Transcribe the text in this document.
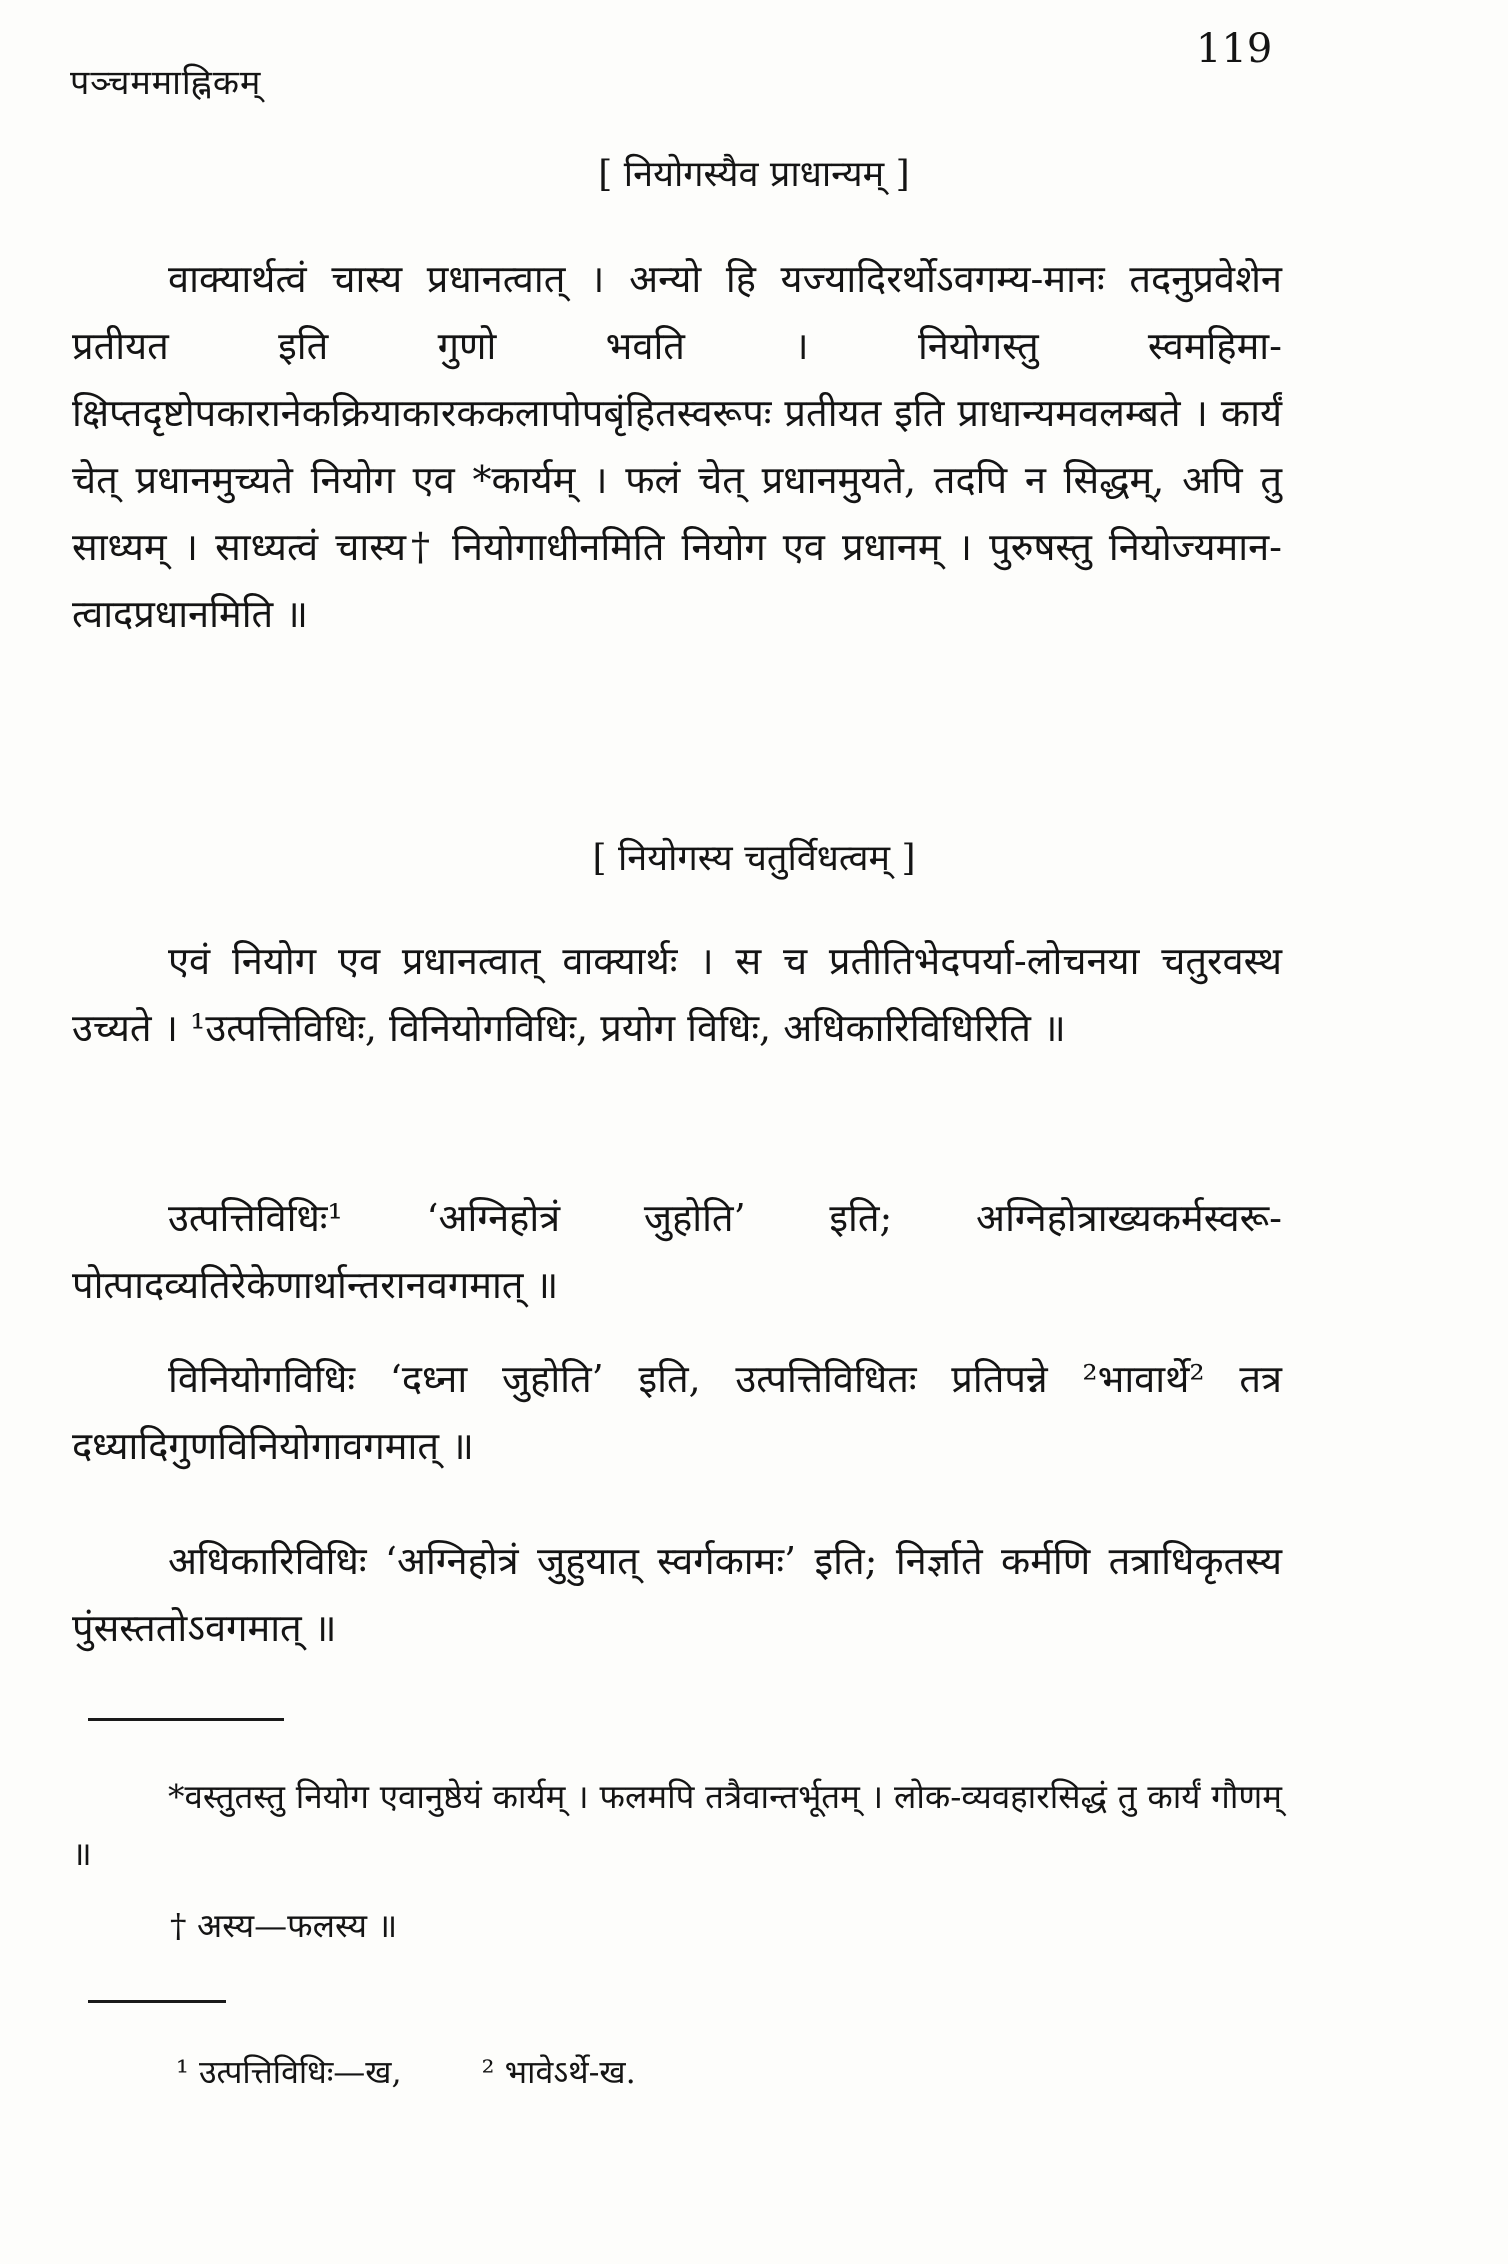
पञ्चममाह्निकम्
119
[ नियोगस्यैव प्राधान्यम् ]

वाक्यार्थत्वं चास्य प्रधानत्वात् । अन्यो हि यज्यादिरर्थोऽवगम्य-मानः तदनुप्रवेशेन प्रतीयत इति गुणो भवति । नियोगस्तु स्वमहिमा-क्षिप्तदृष्टोपकारानेकक्रियाकारककलापोपबृंहितस्वरूपः प्रतीयत इति प्राधान्यमवलम्बते । कार्यं चेत् प्रधानमुच्यते नियोग एव *कार्यम् । फलं चेत् प्रधानमुयते, तदपि न सिद्धम्, अपि तु साध्यम् । साध्यत्वं चास्य† नियोगाधीनमिति नियोग एव प्रधानम् । पुरुषस्तु नियोज्यमान-त्वादप्रधानमिति ॥

[ नियोगस्य चतुर्विधत्वम् ]

एवं नियोग एव प्रधानत्वात् वाक्यार्थः । स च प्रतीतिभेदपर्या-लोचनया चतुरवस्थ उच्यते । ¹उत्पत्तिविधिः, विनियोगविधिः, प्रयोग विधिः, अधिकारिविधिरिति ॥

उत्पत्तिविधिः¹ ‘अग्निहोत्रं जुहोति’ इति; अग्निहोत्राख्यकर्मस्वरू-पोत्पादव्यतिरेकेणार्थान्तरानवगमात् ॥

विनियोगविधिः ‘दध्ना जुहोति’ इति, उत्पत्तिविधितः प्रतिपन्ने ²भावार्थे² तत्र दध्यादिगुणविनियोगावगमात् ॥

अधिकारिविधिः ‘अग्निहोत्रं जुहुयात् स्वर्गकामः’ इति; निर्ज्ञाते कर्मणि तत्राधिकृतस्य पुंसस्ततोऽवगमात् ॥

*वस्तुतस्तु नियोग एवानुष्ठेयं कार्यम् । फलमपि तत्रैवान्तर्भूतम् । लोक-व्यवहारसिद्धं तु कार्यं गौणम् ॥

† अस्य—फलस्य ॥
¹ उत्पत्तिविधिः—ख,	² भावेऽर्थे-ख.
